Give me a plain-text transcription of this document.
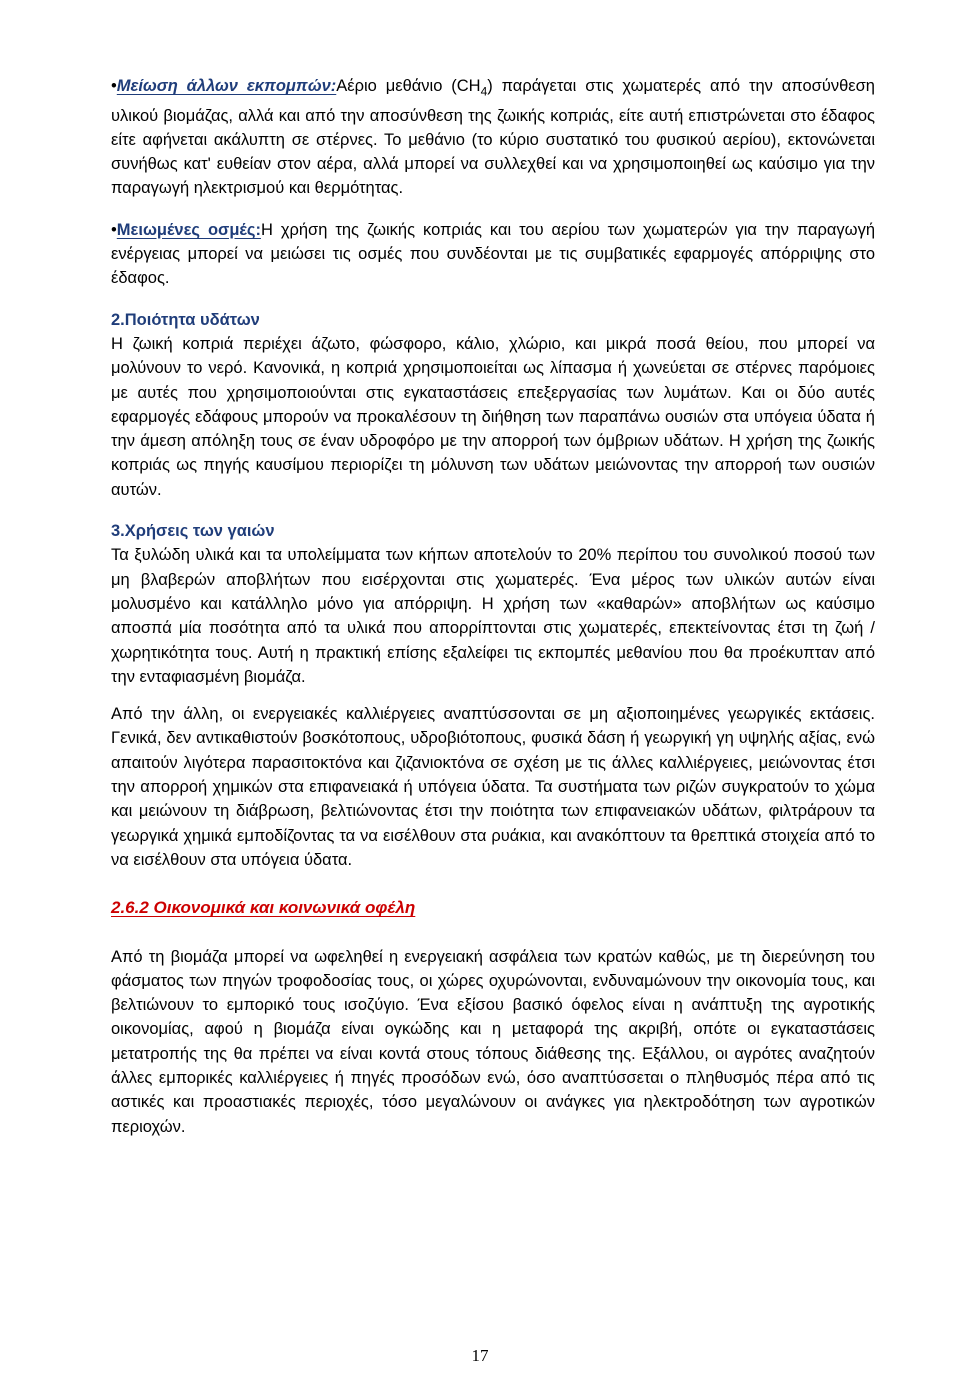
•Μείωση άλλων εκπομπών:Αέριο μεθάνιο $(CH_4)$ παράγεται στις χωματερές από την αποσύνθεση υλικού βιομάζας, αλλά και από την αποσύνθεση της ζωικής κοπριάς, είτε αυτή επιστρώνεται στο έδαφος είτε αφήνεται ακάλυπτη σε στέρνες. Το μεθάνιο (το κύριο συστατικό του φυσικού αερίου), εκτονώνεται συνήθως κατ' ευθείαν στον αέρα, αλλά μπορεί να συλλεχθεί και να χρησιμοποιηθεί ως καύσιμο για την παραγωγή ηλεκτρισμού και θερμότητας.

•Μειωμένες οσμές:Η χρήση της ζωικής κοπριάς και του αερίου των χωματερών για την παραγωγή ενέργειας μπορεί να μειώσει τις οσμές που συνδέονται με τις συμβατικές εφαρμογές απόρριψης στο έδαφος.

2.Ποιότητα υδάτων

Η ζωική κοπριά περιέχει άζωτο, φώσφορο, κάλιο, χλώριο, και μικρά ποσά θείου, που μπορεί να μολύνουν το νερό. Κανονικά, η κοπριά χρησιμοποιείται ως λίπασμα ή χωνεύεται σε στέρνες παρόμοιες με αυτές που χρησιμοποιούνται στις εγκαταστάσεις επεξεργασίας των λυμάτων. Και οι δύο αυτές εφαρμογές εδάφους μπορούν να προκαλέσουν τη διήθηση των παραπάνω ουσιών στα υπόγεια ύδατα ή την άμεση απόληξη τους σε έναν υδροφόρο με την απορροή των όμβριων υδάτων. Η χρήση της ζωικής κοπριάς ως πηγής καυσίμου περιορίζει τη μόλυνση των υδάτων μειώνοντας την απορροή των ουσιών αυτών.

3.Χρήσεις των γαιών

Τα ξυλώδη υλικά και τα υπολείμματα των κήπων αποτελούν το 20% περίπου του συνολικού ποσού των μη βλαβερών αποβλήτων που εισέρχονται στις χωματερές. Ένα μέρος των υλικών αυτών είναι μολυσμένο και κατάλληλο μόνο για απόρριψη. Η χρήση των «καθαρών» αποβλήτων ως καύσιμο αποσπά μία ποσότητα από τα υλικά που απορρίπτονται στις χωματερές, επεκτείνοντας έτσι τη ζωή / χωρητικότητα τους. Αυτή η πρακτική επίσης εξαλείφει τις εκπομπές μεθανίου που θα προέκυπταν από την ενταφιασμένη βιομάζα.

Από την άλλη, οι ενεργειακές καλλιέργειες αναπτύσσονται σε μη αξιοποιημένες γεωργικές εκτάσεις. Γενικά, δεν αντικαθιστούν βοσκότοπους, υδροβιότοπους, φυσικά δάση ή γεωργική γη υψηλής αξίας, ενώ απαιτούν λιγότερα παρασιτοκτόνα και ζιζανιοκτόνα σε σχέση με τις άλλες καλλιέργειες, μειώνοντας έτσι την απορροή χημικών στα επιφανειακά ή υπόγεια ύδατα. Τα συστήματα των ριζών συγκρατούν το χώμα και μειώνουν τη διάβρωση, βελτιώνοντας έτσι την ποιότητα των επιφανειακών υδάτων, φιλτράρουν τα γεωργικά χημικά εμποδίζοντας τα να εισέλθουν στα ρυάκια, και ανακόπτουν τα θρεπτικά στοιχεία από το να εισέλθουν στα υπόγεια ύδατα.

2.6.2 Οικονομικά και κοινωνικά οφέλη

Από τη βιομάζα μπορεί να ωφεληθεί η ενεργειακή ασφάλεια των κρατών καθώς, με τη διερεύνηση του φάσματος των πηγών τροφοδοσίας τους, οι χώρες οχυρώνονται, ενδυναμώνουν την οικονομία τους, και βελτιώνουν το εμπορικό τους ισοζύγιο. Ένα εξίσου βασικό όφελος είναι η ανάπτυξη της αγροτικής οικονομίας, αφού η βιομάζα είναι ογκώδης και η μεταφορά της ακριβή, οπότε οι εγκαταστάσεις μετατροπής της θα πρέπει να είναι κοντά στους τόπους διάθεσης της. Εξάλλου, οι αγρότες αναζητούν άλλες εμπορικές καλλιέργειες ή πηγές προσόδων ενώ, όσο αναπτύσσεται ο πληθυσμός πέρα από τις αστικές και προαστιακές περιοχές, τόσο μεγαλώνουν οι ανάγκες για ηλεκτροδότηση των αγροτικών περιοχών.

17
